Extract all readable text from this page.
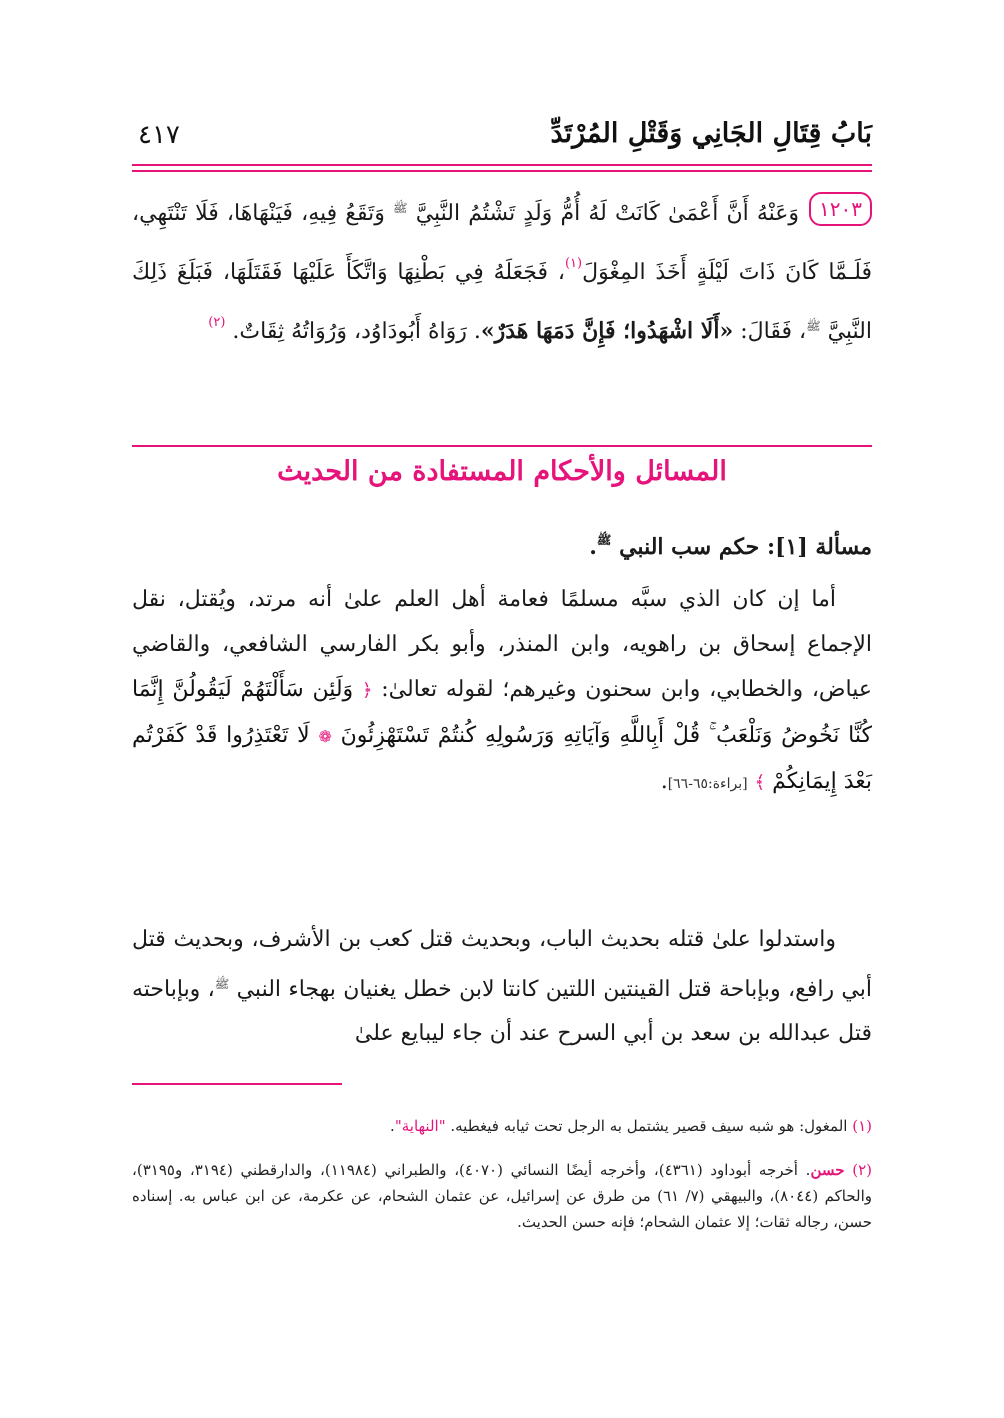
بَابُ قِتَالِ الجَانِي وَقَتْلِ المُرْتَدِّ
٤١٧
١٢٠٣وَعَنْهُ أَنَّ أَعْمَىٰ كَانَتْ لَهُ أُمُّ وَلَدٍ تَشْتُمُ النَّبِيَّ $^ﷺ$ وَتَقَعُ فِيهِ، فَيَنْهَاهَا، فَلَا تَنْتَهِي، فَلَـمَّا كَانَ ذَاتَ لَيْلَةٍ أَخَذَ المِغْوَلَ$^{(١)}$، فَجَعَلَهُ فِي بَطْنِهَا وَاتَّكَأَ عَلَيْهَا فَقَتَلَهَا، فَبَلَغَ ذَلِكَ النَّبِيَّ $^ﷺ$، فَقَالَ: «أَلَا اشْهَدُوا؛ فَإِنَّ دَمَهَا هَدَرٌ». رَوَاهُ أَبُودَاوُد، وَرُوَاتُهُ ثِقَاتٌ. $^{(٢)}$
المسائل والأحكام المستفادة من الحديث
مسألة [١]: حكم سب النبي $^ﷺ$.
أما إن كان الذي سبَّه مسلمًا فعامة أهل العلم علىٰ أنه مرتد، ويُقتل، نقل الإجماع إسحاق بن راهويه، وابن المنذر، وأبو بكر الفارسي الشافعي، والقاضي عياض، والخطابي، وابن سحنون وغيرهم؛ لقوله تعالىٰ: ﴿ وَلَئِن سَأَلْتَهُمْ لَيَقُولُنَّ إِنَّمَا كُنَّا نَخُوضُ وَنَلْعَبُ ۚ قُلْ أَبِاللَّهِ وَآيَاتِهِ وَرَسُولِهِ كُنتُمْ تَسْتَهْزِئُونَ ❁ لَا تَعْتَذِرُوا قَدْ كَفَرْتُم بَعْدَ إِيمَانِكُمْ ﴾ [براءة:٦٥-٦٦].
واستدلوا علىٰ قتله بحديث الباب، وبحديث قتل كعب بن الأشرف، وبحديث قتل أبي رافع، وبإباحة قتل القينتين اللتين كانتا لابن خطل يغنيان بهجاء النبي $^ﷺ$، وبإباحته قتل عبدالله بن سعد بن أبي السرح عند أن جاء ليبايع علىٰ
(١) المغول: هو شبه سيف قصير يشتمل به الرجل تحت ثيابه فيغطيه. "النهاية".
(٢) حسن. أخرجه أبوداود (٤٣٦١)، وأخرجه أيضًا النسائي (٤٠٧٠)، والطبراني (١١٩٨٤)، والدارقطني (٣١٩٤، و٣١٩٥)، والحاكم (٨٠٤٤)، والبيهقي (٧/ ٦١) من طرق عن إسرائيل، عن عثمان الشحام، عن عكرمة، عن ابن عباس به. إسناده حسن، رجاله ثقات؛ إلا عثمان الشحام؛ فإنه حسن الحديث.
